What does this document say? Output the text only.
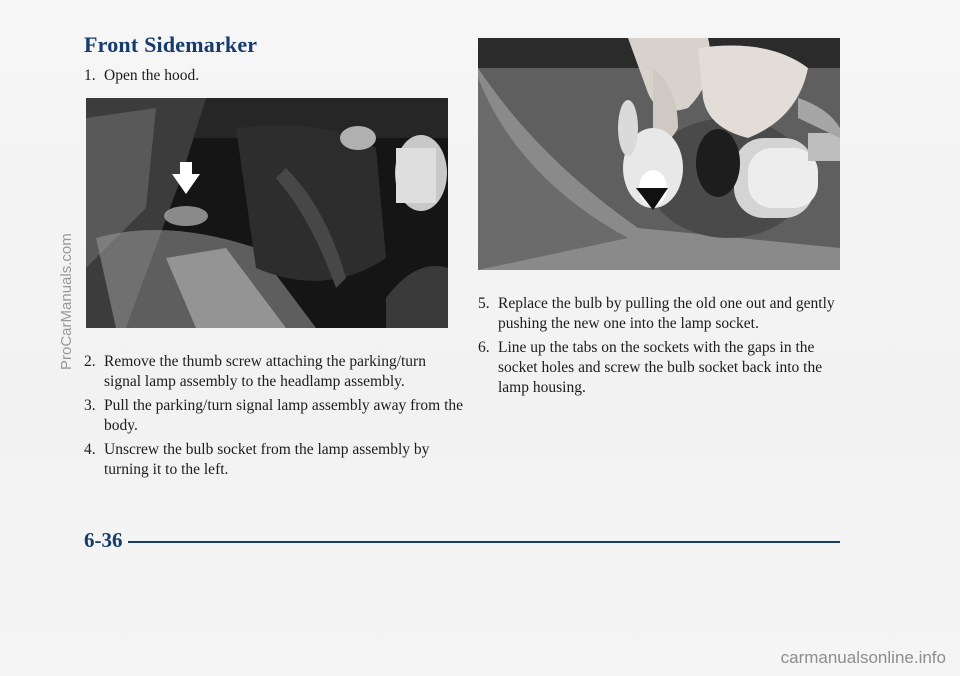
Front Sidemarker
1. Open the hood.
2. Remove the thumb screw attaching the parking/turn signal lamp assembly to the headlamp assembly.
3. Pull the parking/turn signal lamp assembly away from the body.
4. Unscrew the bulb socket from the lamp assembly by turning it to the left.
5. Replace the bulb by pulling the old one out and gently pushing the new one into the lamp socket.
6. Line up the tabs on the sockets with the gaps in the socket holes and screw the bulb socket back into the lamp housing.
6-36
ProCarManuals.com
carmanualsonline.info
